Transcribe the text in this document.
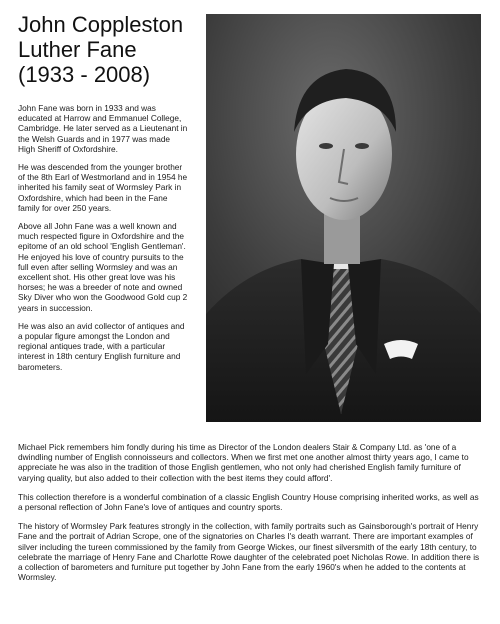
John Coppleston
Luther Fane
(1933 - 2008)

John Fane was born in 1933 and was educated at Harrow and Emmanuel College, Cambridge. He later served as a Lieutenant in the Welsh Guards and in 1977 was made High Sheriff of Oxfordshire.

He was descended from the younger brother of the 8th Earl of Westmorland and in 1954 he inherited his family seat of Wormsley Park in Oxfordshire, which had been in the Fane family for over 250 years.

Above all John Fane was a well known and much respected figure in Oxfordshire and the epitome of an old school 'English Gentleman'. He enjoyed his love of country pursuits to the full even after selling Wormsley and was an excellent shot. His other great love was his horses; he was a breeder of note and owned Sky Diver who won the Goodwood Gold cup 2 years in succession.

He was also an avid collector of antiques and a popular figure amongst the London and regional antiques trade, with a particular interest in 18th century English furniture and barometers.

Michael Pick remembers him fondly during his time as Director of the London dealers Stair & Company Ltd. as 'one of a dwindling number of English connoisseurs and collectors. When we first met one another almost thirty years ago, I came to appreciate he was also in the tradition of those English gentlemen, who not only had cherished English family furniture of varying quality, but also added to their collection with the best items they could afford'.

This collection therefore is a wonderful combination of a classic English Country House comprising inherited works, as well as a personal reflection of John Fane's love of antiques and country sports.

The history of Wormsley Park features strongly in the collection, with family portraits such as Gainsborough's portrait of Henry Fane and the portrait of Adrian Scrope, one of the signatories on Charles I's death warrant. There are important examples of silver including the tureen commissioned by the family from George Wickes, our finest silversmith of the early 18th century, to celebrate the marriage of Henry Fane and Charlotte Rowe daughter of the celebrated poet Nicholas Rowe. In addition there is a collection of barometers and furniture put together by John Fane from the early 1960's when he added to the contents at Wormsley.
